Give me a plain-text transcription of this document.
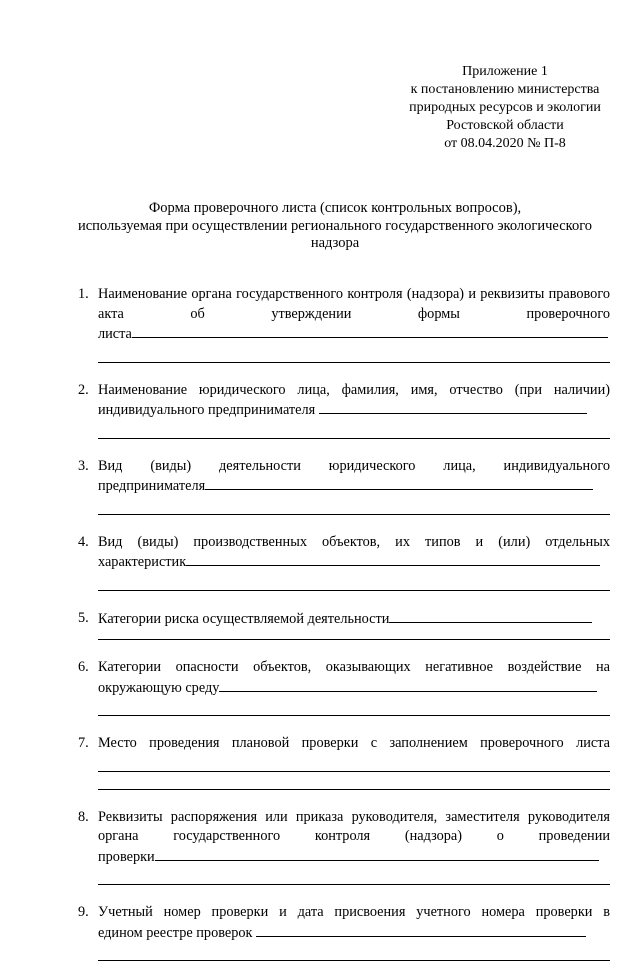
Приложение 1
к постановлению министерства
природных ресурсов и экологии
Ростовской области
от 08.04.2020 № П-8
Форма проверочного листа (список контрольных вопросов),
используемая при осуществлении регионального государственного экологического
надзора
1. Наименование органа государственного контроля (надзора) и реквизиты правового акта об утверждении формы проверочного
листа
2. Наименование юридического лица, фамилия, имя, отчество (при наличии)
индивидуального предпринимателя
3. Вид (виды) деятельности юридического лица, индивидуального
предпринимателя
4. Вид (виды) производственных объектов, их типов и (или) отдельных
характеристик
5. Категории риска осуществляемой деятельности
6. Категории опасности объектов, оказывающих негативное воздействие на
окружающую среду
7. Место проведения плановой проверки с заполнением проверочного листа
8. Реквизиты распоряжения или приказа руководителя, заместителя руководителя органа государственного контроля (надзора) о проведении
проверки
9. Учетный номер проверки и дата присвоения учетного номера проверки в
едином реестре проверок
